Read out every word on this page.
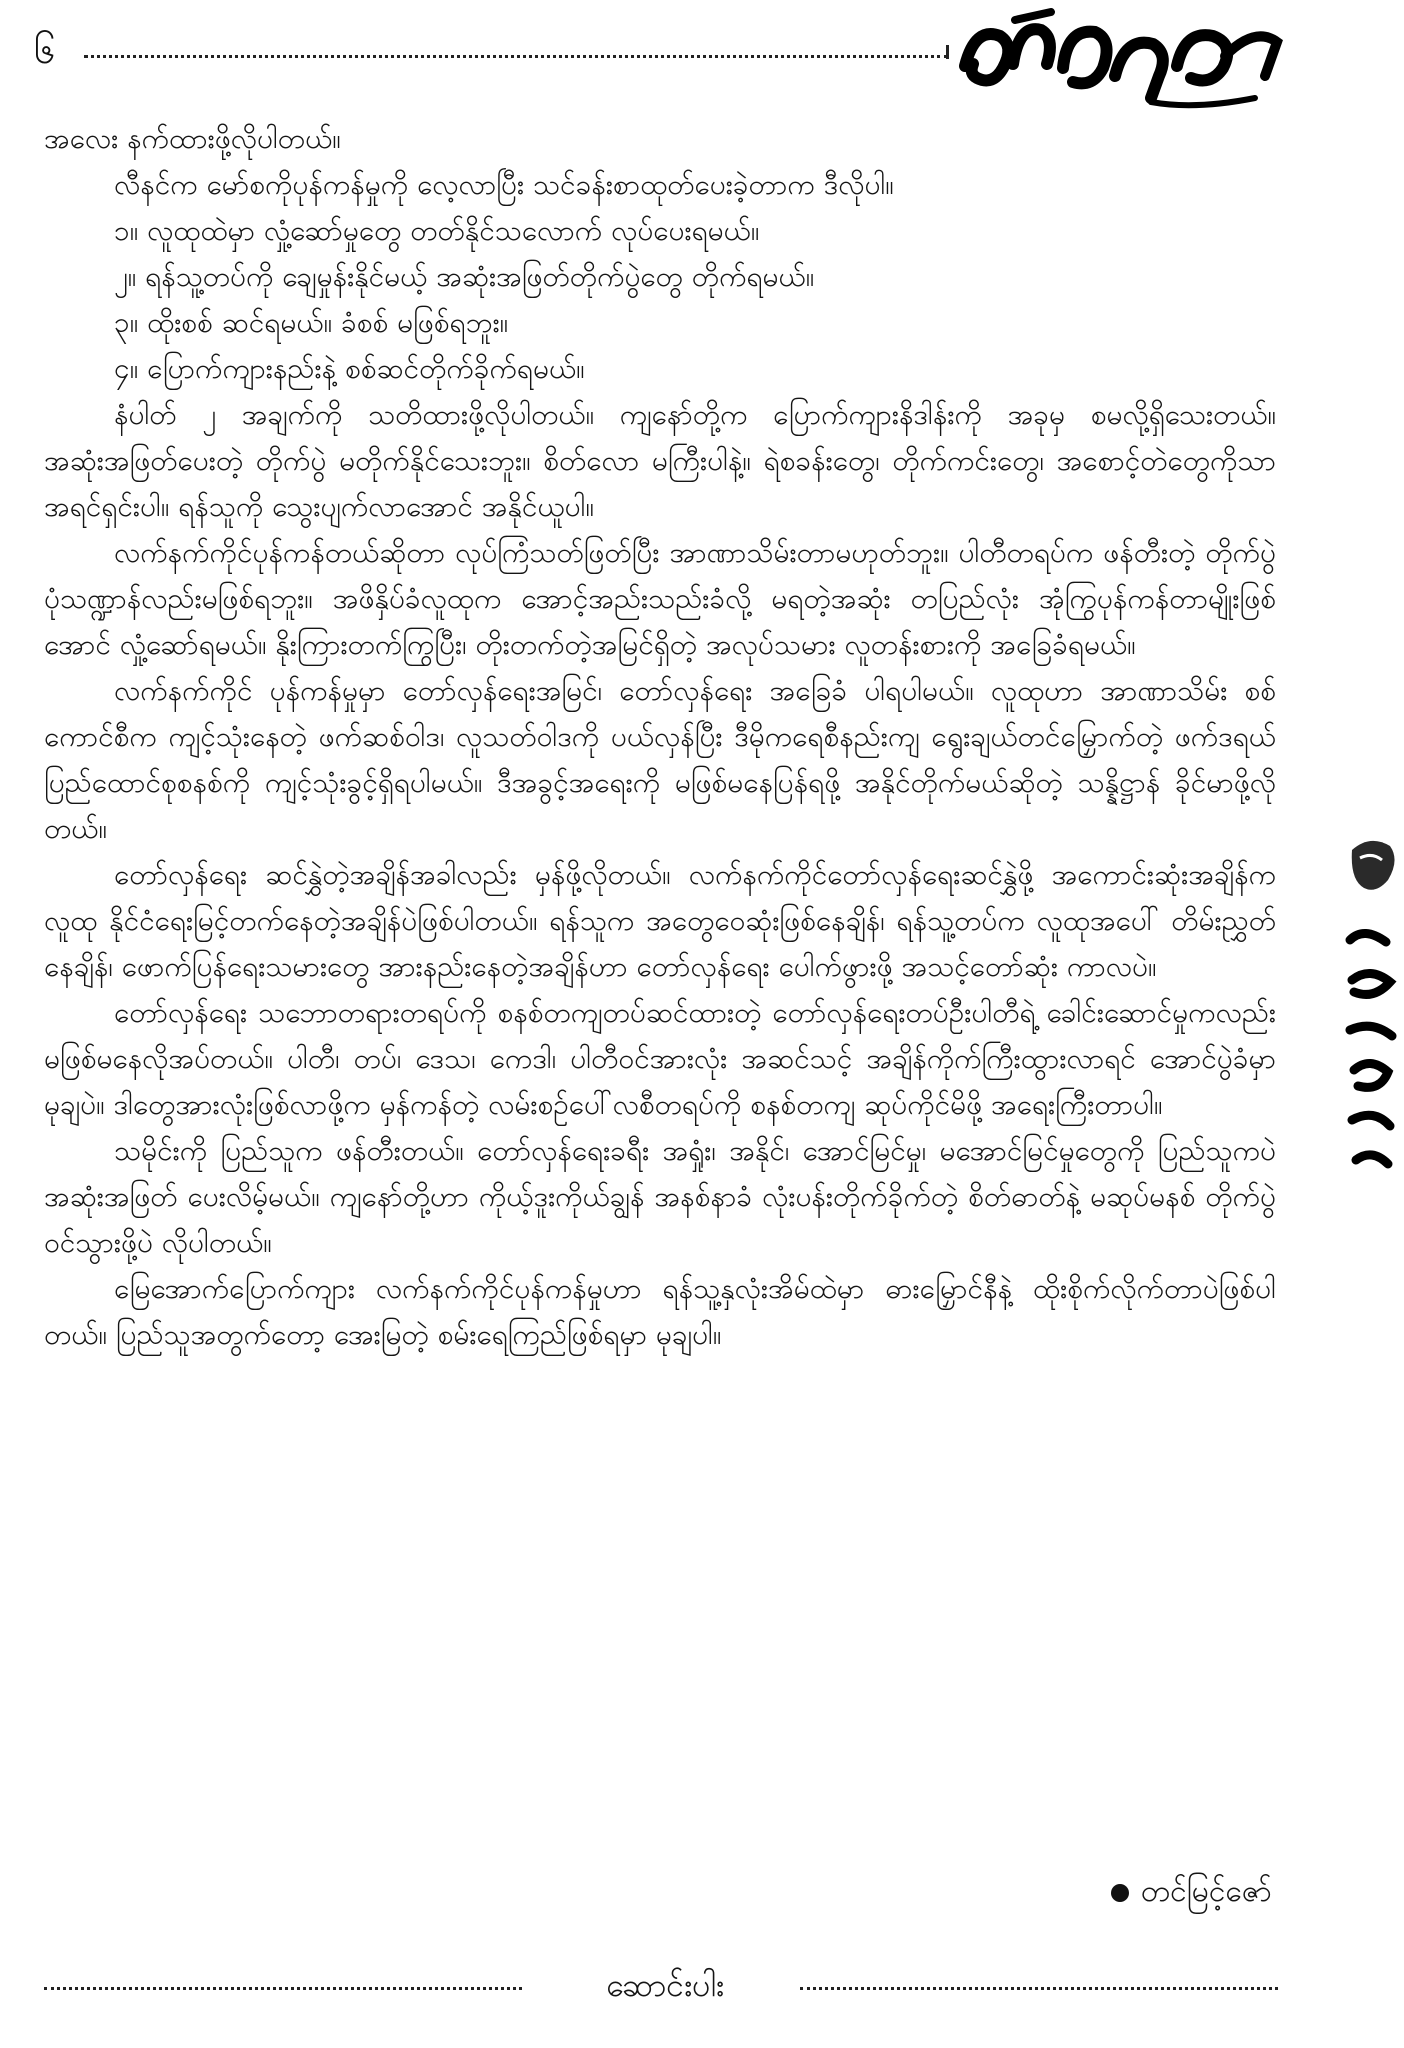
၆

အလေး နက်ထားဖို့လိုပါတယ်။

လီနင်က မော်စကိုပုန်ကန်မှုကို လေ့လာပြီး သင်ခန်းစာထုတ်ပေးခဲ့တာက ဒီလိုပါ။

၁။ လူထုထဲမှာ လှုံ့ဆော်မှုတွေ တတ်နိုင်သလောက် လုပ်ပေးရမယ်။

၂။ ရန်သူ့တပ်ကို ချေမှုန်းနိုင်မယ့် အဆုံးအဖြတ်တိုက်ပွဲတွေ တိုက်ရမယ်။

၃။ ထိုးစစ် ဆင်ရမယ်။ ခံစစ် မဖြစ်ရဘူး။

၄။ ပြောက်ကျားနည်းနဲ့ စစ်ဆင်တိုက်ခိုက်ရမယ်။

နံပါတ် ၂ အချက်ကို သတိထားဖို့လိုပါတယ်။ ကျနော်တို့က ပြောက်ကျားနိဒါန်းကို အခုမှ စမလို့ရှိသေးတယ်။ အဆုံးအဖြတ်ပေးတဲ့ တိုက်ပွဲ မတိုက်နိုင်သေးဘူး။ စိတ်လော မကြီးပါနဲ့။ ရဲစခန်းတွေ၊ တိုက်ကင်းတွေ၊ အစောင့်တဲတွေကိုသာ အရင်ရှင်းပါ။ ရန်သူကို သွေးပျက်လာအောင် အနိုင်ယူပါ။

လက်နက်ကိုင်ပုန်ကန်တယ်ဆိုတာ လုပ်ကြံသတ်ဖြတ်ပြီး အာဏာသိမ်းတာမဟုတ်ဘူး။ ပါတီတရပ်က ဖန်တီးတဲ့ တိုက်ပွဲပုံသဏ္ဍာန်လည်းမဖြစ်ရဘူး။ အဖိနှိပ်ခံလူထုက အောင့်အည်းသည်းခံလို့ မရတဲ့အဆုံး တပြည်လုံး အုံကြွပုန်ကန်တာမျိုးဖြစ်အောင် လှုံ့ဆော်ရမယ်။ နိုးကြားတက်ကြွပြီး၊ တိုးတက်တဲ့အမြင်ရှိတဲ့ အလုပ်သမား လူတန်းစားကို အခြေခံရမယ်။

လက်နက်ကိုင် ပုန်ကန်မှုမှာ တော်လှန်ရေးအမြင်၊ တော်လှန်ရေး အခြေခံ ပါရပါမယ်။ လူထုဟာ အာဏာသိမ်း စစ်ကောင်စီက ကျင့်သုံးနေတဲ့ ဖက်ဆစ်ဝါဒ၊ လူသတ်ဝါဒကို ပယ်လှန်ပြီး ဒီမိုကရေစီနည်းကျ ရွေးချယ်တင်မြှောက်တဲ့ ဖက်ဒရယ် ပြည်ထောင်စုစနစ်ကို ကျင့်သုံးခွင့်ရှိရပါမယ်။ ဒီအခွင့်အရေးကို မဖြစ်မနေပြန်ရဖို့ အနိုင်တိုက်မယ်ဆိုတဲ့ သန္နိဋ္ဌာန် ခိုင်မာဖို့လိုတယ်။

တော်လှန်ရေး ဆင်နွှဲတဲ့အချိန်အခါလည်း မှန်ဖို့လိုတယ်။ လက်နက်ကိုင်တော်လှန်ရေးဆင်နွှဲဖို့ အကောင်းဆုံးအချိန်က လူထု နိုင်ငံရေးမြင့်တက်နေတဲ့အချိန်ပဲဖြစ်ပါတယ်။ ရန်သူက အတွေဝေဆုံးဖြစ်နေချိန်၊ ရန်သူ့တပ်က လူထုအပေါ် တိမ်းညွှတ်နေချိန်၊ ဖောက်ပြန်ရေးသမားတွေ အားနည်းနေတဲ့အချိန်ဟာ တော်လှန်ရေး ပေါက်ဖွားဖို့ အသင့်တော်ဆုံး ကာလပဲ။

တော်လှန်ရေး သဘောတရားတရပ်ကို စနစ်တကျတပ်ဆင်ထားတဲ့ တော်လှန်ရေးတပ်ဦးပါတီရဲ့ ခေါင်းဆောင်မှုကလည်း မဖြစ်မနေလိုအပ်တယ်။ ပါတီ၊ တပ်၊ ဒေသ၊ ကေဒါ၊ ပါတီဝင်အားလုံး အဆင်သင့် အချိန်ကိုက်ကြီးထွားလာရင် အောင်ပွဲခံမှာ မုချပဲ။ ဒါတွေအားလုံးဖြစ်လာဖို့က မှန်ကန်တဲ့ လမ်းစဉ်ပေါ်လစီတရပ်ကို စနစ်တကျ ဆုပ်ကိုင်မိဖို့ အရေးကြီးတာပါ။

သမိုင်းကို ပြည်သူက ဖန်တီးတယ်။ တော်လှန်ရေးခရီး အရှုံး၊ အနိုင်၊ အောင်မြင်မှု၊ မအောင်မြင်မှုတွေကို ပြည်သူကပဲ အဆုံးအဖြတ် ပေးလိမ့်မယ်။ ကျနော်တို့ဟာ ကိုယ့်ဒူးကိုယ်ချွန် အနစ်နာခံ လုံးပန်းတိုက်ခိုက်တဲ့ စိတ်ဓာတ်နဲ့ မဆုပ်မနစ် တိုက်ပွဲဝင်သွားဖို့ပဲ လိုပါတယ်။

မြေအောက်ပြောက်ကျား လက်နက်ကိုင်ပုန်ကန်မှုဟာ ရန်သူ့နှလုံးအိမ်ထဲမှာ ဓားမြှောင်နီနဲ့ ထိုးစိုက်လိုက်တာပဲဖြစ်ပါတယ်။ ပြည်သူအတွက်တော့ အေးမြတဲ့ စမ်းရေကြည်ဖြစ်ရမှာ မုချပါ။

တင်မြင့်ဇော်
ဆောင်းပါး
